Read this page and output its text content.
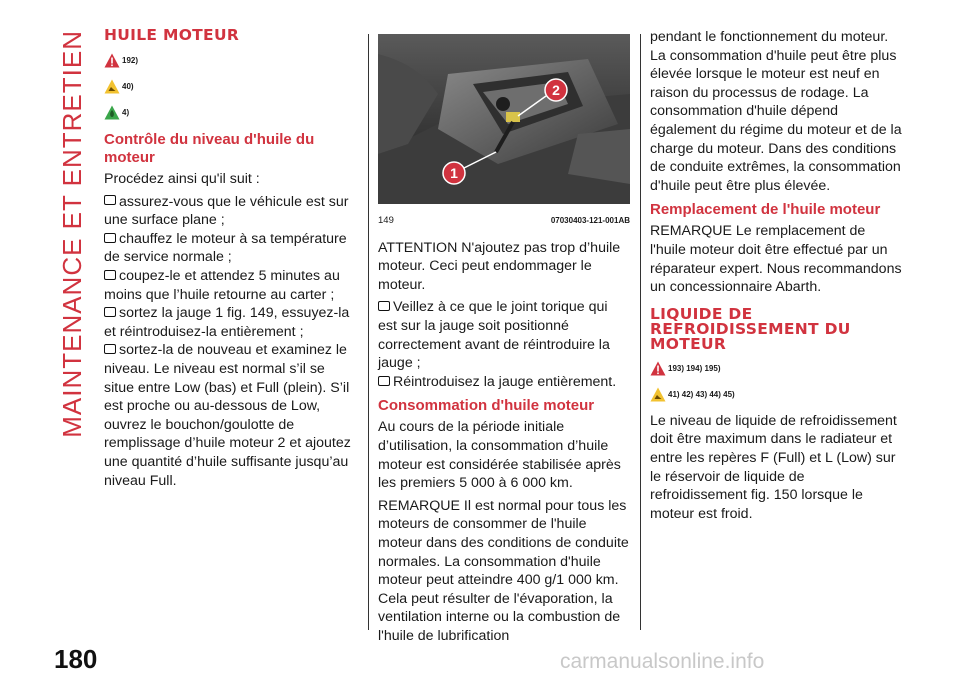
MAINTENANCE ET ENTRETIEN HUILE MOTEUR
192)
40)
4)
Contrôle du niveau d'huile du moteur

Procédez ainsi qu'il suit :

assurez-vous que le véhicule est sur une surface plane ;

chauffez le moteur à sa température de service normale ;

coupez-le et attendez 5 minutes au moins que l’huile retourne au carter ;

sortez la jauge 1 fig. 149, essuyez-la et réintroduisez-la entièrement ;

sortez-la de nouveau et examinez le niveau. Le niveau est normal s’il se situe entre Low (bas) et Full (plein). S’il est proche ou au-dessous de Low, ouvrez le bouchon/goulotte de remplissage d’huile moteur 2 et ajoutez une quantité d’huile suffisante jusqu’au niveau Full.

2
1
149	07030403-121-001AB

ATTENTION N'ajoutez pas trop d’huile moteur. Ceci peut endommager le moteur.

Veillez à ce que le joint torique qui est sur la jauge soit positionné correctement avant de réintroduire la jauge ;

Réintroduisez la jauge entièrement.

Consommation d'huile moteur

Au cours de la période initiale d’utilisation, la consommation d’huile moteur est considérée stabilisée après les premiers 5 000 à 6 000 km.

REMARQUE Il est normal pour tous les moteurs de consommer de l'huile moteur dans des conditions de conduite normales. La consommation d'huile moteur peut atteindre 400 g/1 000 km. Cela peut résulter de l'évaporation, la ventilation interne ou la combustion de l'huile de lubrification

pendant le fonctionnement du moteur. La consommation d'huile peut être plus élevée lorsque le moteur est neuf en raison du processus de rodage. La consommation d'huile dépend également du régime du moteur et de la charge du moteur. Dans des conditions de conduite extrêmes, la consommation d'huile peut être plus élevée.

Remplacement de l'huile moteur

REMARQUE Le remplacement de l'huile moteur doit être effectué par un réparateur expert. Nous recommandons un concessionnaire Abarth.

LIQUIDE DE REFROIDISSEMENT DU MOTEUR
193) 194) 195)
41) 42) 43) 44) 45)

Le niveau de liquide de refroidissement doit être maximum dans le radiateur et entre les repères F (Full) et L (Low) sur le réservoir de liquide de refroidissement fig. 150 lorsque le moteur est froid.

180	carmanualsonline.info
